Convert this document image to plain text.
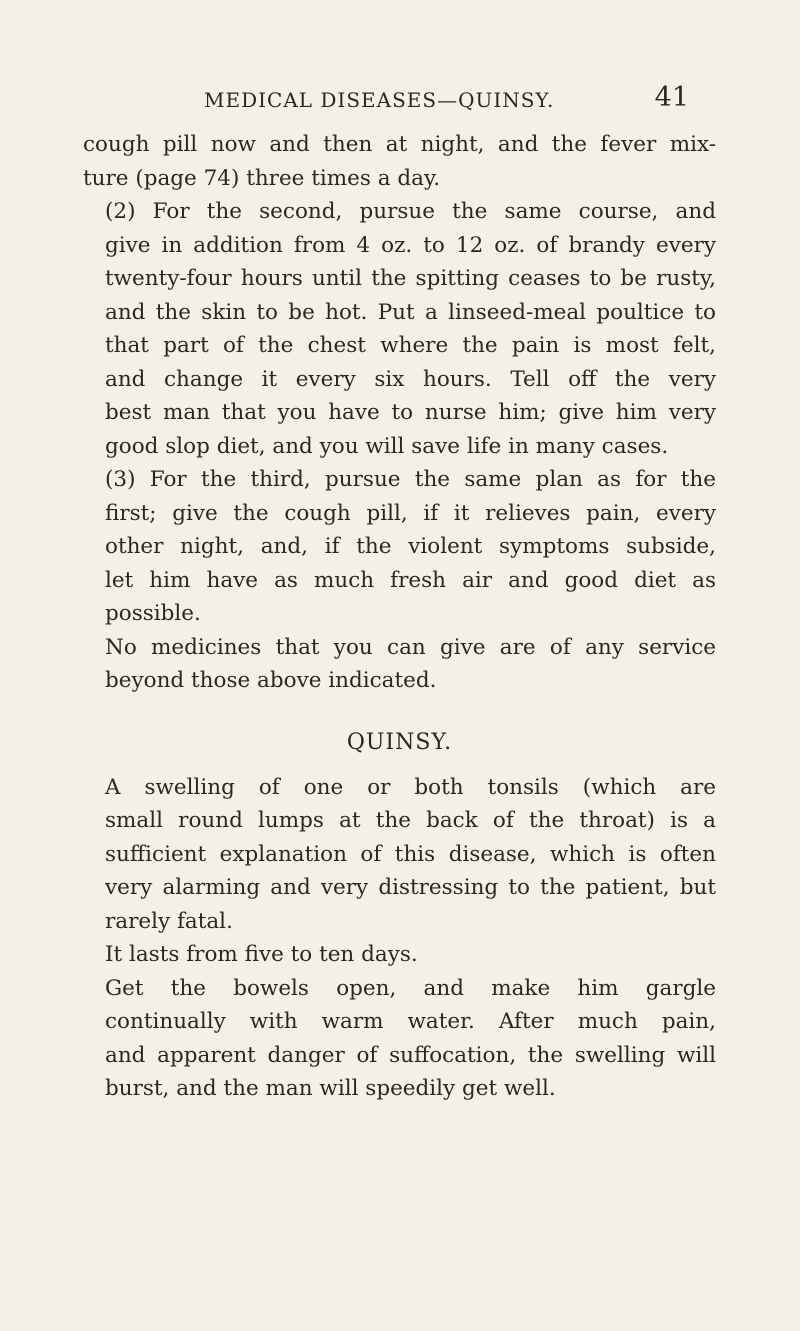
MEDICAL DISEASES—QUINSY.	41

cough pill now and then at night, and the fever mix-
ture (page 74) three times a day.

(2) For the second, pursue the same course, and
give in addition from 4 oz. to 12 oz. of brandy every
twenty-four hours until the spitting ceases to be rusty,
and the skin to be hot. Put a linseed-meal poultice to
that part of the chest where the pain is most felt,
and change it every six hours. Tell off the very
best man that you have to nurse him; give him very
good slop diet, and you will save life in many cases.

(3) For the third, pursue the same plan as for the
first; give the cough pill, if it relieves pain, every
other night, and, if the violent symptoms subside,
let him have as much fresh air and good diet as
possible.

No medicines that you can give are of any service
beyond those above indicated.

QUINSY.

A swelling of one or both tonsils (which are
small round lumps at the back of the throat) is a
sufficient explanation of this disease, which is often
very alarming and very distressing to the patient, but
rarely fatal.

It lasts from five to ten days.

Get the bowels open, and make him gargle
continually with warm water. After much pain,
and apparent danger of suffocation, the swelling will
burst, and the man will speedily get well.
